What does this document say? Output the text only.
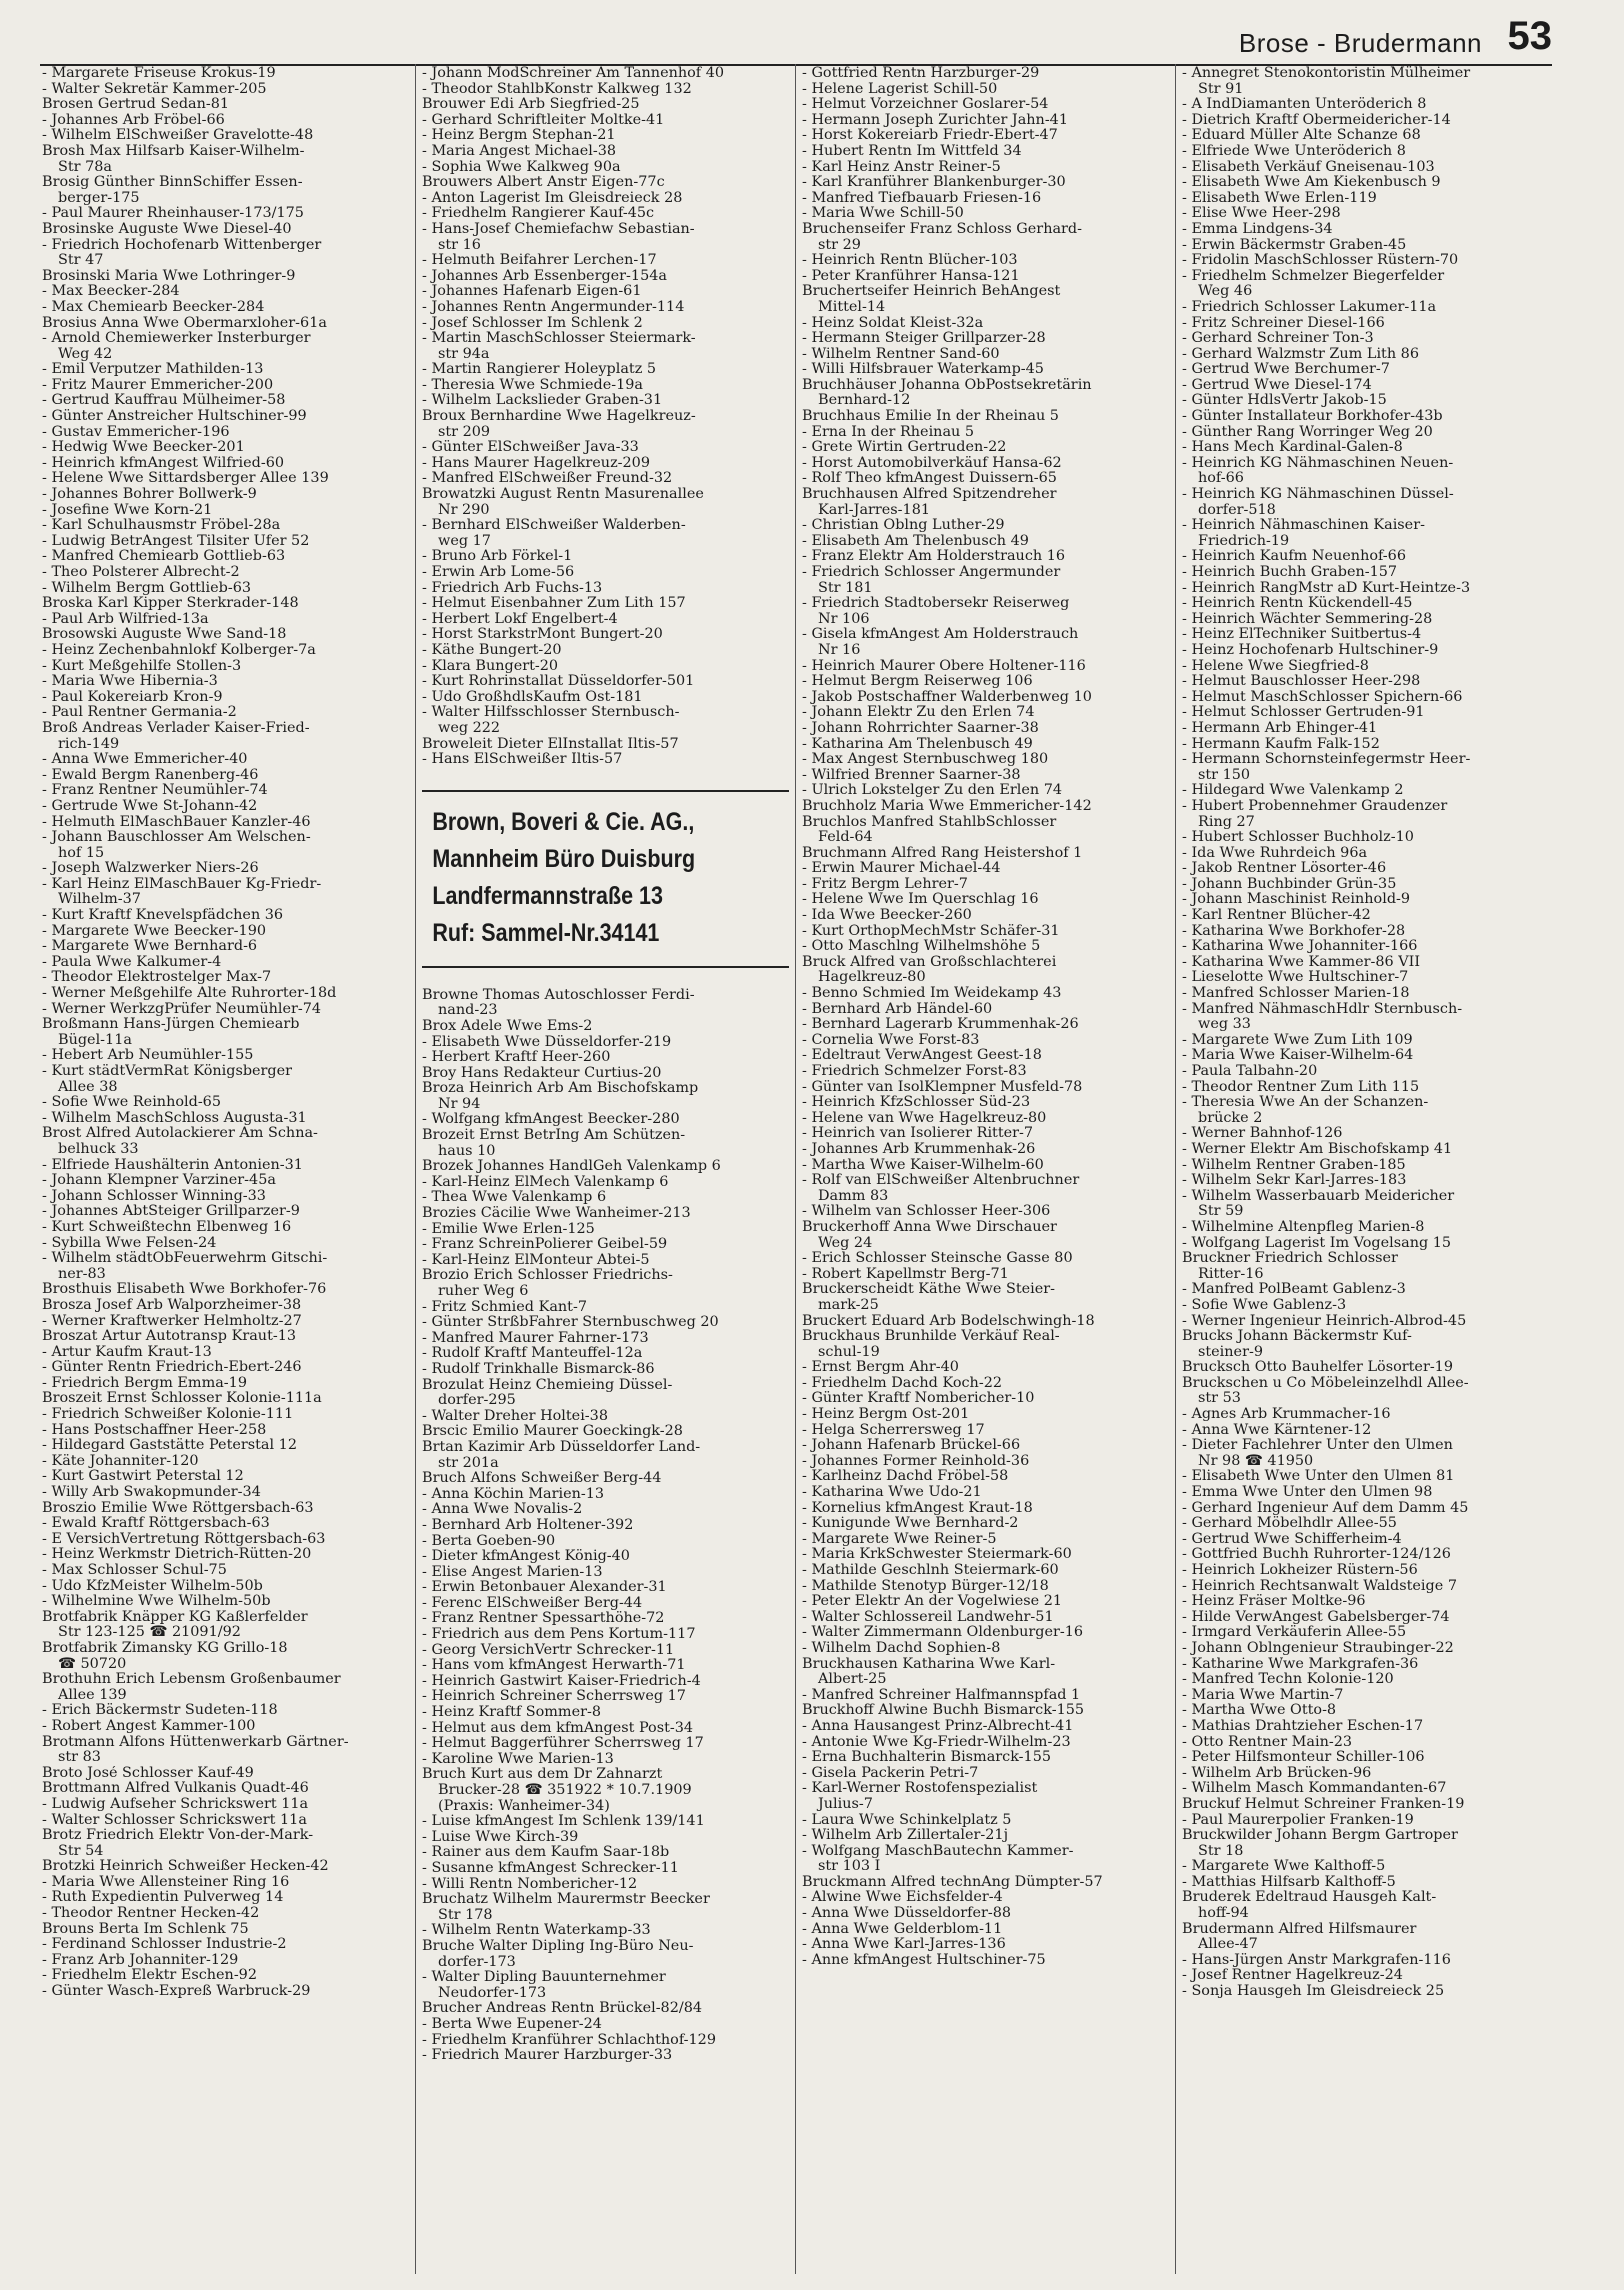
Brose - Brudermann 53
- Margarete Friseuse Krokus-19
- Walter Sekretär Kammer-205
Brosen Gertrud Sedan-81
- Johannes Arb Fröbel-66
- Wilhelm ElSchweißer Gravelotte-48
Brosh Max Hilfsarb Kaiser-Wilhelm-
Str 78a
Brosig Günther BinnSchiffer Essen-
berger-175
- Paul Maurer Rheinhauser-173/175
Brosinske Auguste Wwe Diesel-40
- Friedrich Hochofenarb Wittenberger
Str 47
Brosinski Maria Wwe Lothringer-9
- Max Beecker-284
- Max Chemiearb Beecker-284
Brosius Anna Wwe Obermarxloher-61a
- Arnold Chemiewerker Insterburger
Weg 42
- Emil Verputzer Mathilden-13
- Fritz Maurer Emmericher-200
- Gertrud Kauffrau Mülheimer-58
- Günter Anstreicher Hultschiner-99
- Gustav Emmericher-196
- Hedwig Wwe Beecker-201
- Heinrich kfmAngest Wilfried-60
- Helene Wwe Sittardsberger Allee 139
- Johannes Bohrer Bollwerk-9
- Josefine Wwe Korn-21
- Karl Schulhausmstr Fröbel-28a
- Ludwig BetrAngest Tilsiter Ufer 52
- Manfred Chemiearb Gottlieb-63
- Theo Polsterer Albrecht-2
- Wilhelm Bergm Gottlieb-63
Broska Karl Kipper Sterkrader-148
- Paul Arb Wilfried-13a
Brosowski Auguste Wwe Sand-18
- Heinz Zechenbahnlokf Kolberger-7a
- Kurt Meßgehilfe Stollen-3
- Maria Wwe Hibernia-3
- Paul Kokereiarb Kron-9
- Paul Rentner Germania-2
Broß Andreas Verlader Kaiser-Fried-
rich-149
- Anna Wwe Emmericher-40
- Ewald Bergm Ranenberg-46
- Franz Rentner Neumühler-74
- Gertrude Wwe St-Johann-42
- Helmuth ElMaschBauer Kanzler-46
- Johann Bauschlosser Am Welschen-
hof 15
- Joseph Walzwerker Niers-26
- Karl Heinz ElMaschBauer Kg-Friedr-
Wilhelm-37
- Kurt Kraftf Knevelspfädchen 36
- Margarete Wwe Beecker-190
- Margarete Wwe Bernhard-6
- Paula Wwe Kalkumer-4
- Theodor Elektrostelger Max-7
- Werner Meßgehilfe Alte Ruhrorter-18d
- Werner WerkzgPrüfer Neumühler-74
Broßmann Hans-Jürgen Chemiearb
Bügel-11a
- Hebert Arb Neumühler-155
- Kurt städtVermRat Königsberger
Allee 38
- Sofie Wwe Reinhold-65
- Wilhelm MaschSchloss Augusta-31
Brost Alfred Autolackierer Am Schna-
belhuck 33
- Elfriede Haushälterin Antonien-31
- Johann Klempner Varziner-45a
- Johann Schlosser Winning-33
- Johannes AbtSteiger Grillparzer-9
- Kurt Schweißtechn Elbenweg 16
- Sybilla Wwe Felsen-24
- Wilhelm städtObFeuerwehrm Gitschi-
ner-83
Brosthuis Elisabeth Wwe Borkhofer-76
Brosza Josef Arb Walporzheimer-38
- Werner Kraftwerker Helmholtz-27
Broszat Artur Autotransp Kraut-13
- Artur Kaufm Kraut-13
- Günter Rentn Friedrich-Ebert-246
- Friedrich Bergm Emma-19
Broszeit Ernst Schlosser Kolonie-111a
- Friedrich Schweißer Kolonie-111
- Hans Postschaffner Heer-258
- Hildegard Gaststätte Peterstal 12
- Käte Johanniter-120
- Kurt Gastwirt Peterstal 12
- Willy Arb Swakopmunder-34
Broszio Emilie Wwe Röttgersbach-63
- Ewald Kraftf Röttgersbach-63
- E VersichVertretung Röttgersbach-63
- Heinz Werkmstr Dietrich-Rütten-20
- Max Schlosser Schul-75
- Udo KfzMeister Wilhelm-50b
- Wilhelmine Wwe Wilhelm-50b
Brotfabrik Knäpper KG Kaßlerfelder
Str 123-125 ☎ 21091/92
Brotfabrik Zimansky KG Grillo-18
☎ 50720
Brothuhn Erich Lebensm Großenbaumer
Allee 139
- Erich Bäckermstr Sudeten-118
- Robert Angest Kammer-100
Brotmann Alfons Hüttenwerkarb Gärtner-
str 83
Broto José Schlosser Kauf-49
Brottmann Alfred Vulkanis Quadt-46
- Ludwig Aufseher Schrickswert 11a
- Walter Schlosser Schrickswert 11a
Brotz Friedrich Elektr Von-der-Mark-
Str 54
Brotzki Heinrich Schweißer Hecken-42
- Maria Wwe Allensteiner Ring 16
- Ruth Expedientin Pulverweg 14
- Theodor Rentner Hecken-42
Brouns Berta Im Schlenk 75
- Ferdinand Schlosser Industrie-2
- Franz Arb Johanniter-129
- Friedhelm Elektr Eschen-92
- Günter Wasch-Expreß Warbruck-29
- Johann ModSchreiner Am Tannenhof 40
- Theodor StahlbKonstr Kalkweg 132
Brouwer Edi Arb Siegfried-25
- Gerhard Schriftleiter Moltke-41
- Heinz Bergm Stephan-21
- Maria Angest Michael-38
- Sophia Wwe Kalkweg 90a
Brouwers Albert Anstr Eigen-77c
- Anton Lagerist Im Gleisdreieck 28
- Friedhelm Rangierer Kauf-45c
- Hans-Josef Chemiefachw Sebastian-
str 16
- Helmuth Beifahrer Lerchen-17
- Johannes Arb Essenberger-154a
- Johannes Hafenarb Eigen-61
- Johannes Rentn Angermunder-114
- Josef Schlosser Im Schlenk 2
- Martin MaschSchlosser Steiermark-
str 94a
- Martin Rangierer Holeyplatz 5
- Theresia Wwe Schmiede-19a
- Wilhelm Lackslieder Graben-31
Broux Bernhardine Wwe Hagelkreuz-
str 209
- Günter ElSchweißer Java-33
- Hans Maurer Hagelkreuz-209
- Manfred ElSchweißer Freund-32
Browatzki August Rentn Masurenallee
Nr 290
- Bernhard ElSchweißer Walderben-
weg 17
- Bruno Arb Förkel-1
- Erwin Arb Lome-56
- Friedrich Arb Fuchs-13
- Helmut Eisenbahner Zum Lith 157
- Herbert Lokf Engelbert-4
- Horst StarkstrMont Bungert-20
- Käthe Bungert-20
- Klara Bungert-20
- Kurt Rohrinstallat Düsseldorfer-501
- Udo GroßhdlsKaufm Ost-181
- Walter Hilfsschlosser Sternbusch-
weg 222
Broweleit Dieter ElInstallat Iltis-57
- Hans ElSchweißer Iltis-57
Brown, Boveri & Cie. AG.,
Mannheim Büro Duisburg
Landfermannstraße 13
Ruf: Sammel-Nr.34141
Browne Thomas Autoschlosser Ferdi-
nand-23
Brox Adele Wwe Ems-2
- Elisabeth Wwe Düsseldorfer-219
- Herbert Kraftf Heer-260
Broy Hans Redakteur Curtius-20
Broza Heinrich Arb Am Bischofskamp
Nr 94
- Wolfgang kfmAngest Beecker-280
Brozeit Ernst BetrIng Am Schützen-
haus 10
Brozek Johannes HandlGeh Valenkamp 6
- Karl-Heinz ElMech Valenkamp 6
- Thea Wwe Valenkamp 6
Brozies Cäcilie Wwe Wanheimer-213
- Emilie Wwe Erlen-125
- Franz SchreinPolierer Geibel-59
- Karl-Heinz ElMonteur Abtei-5
Brozio Erich Schlosser Friedrichs-
ruher Weg 6
- Fritz Schmied Kant-7
- Günter StrßbFahrer Sternbuschweg 20
- Manfred Maurer Fahrner-173
- Rudolf Kraftf Manteuffel-12a
- Rudolf Trinkhalle Bismarck-86
Brozulat Heinz Chemieing Düssel-
dorfer-295
- Walter Dreher Holtei-38
Brscic Emilio Maurer Goeckingk-28
Brtan Kazimir Arb Düsseldorfer Land-
str 201a
Bruch Alfons Schweißer Berg-44
- Anna Köchin Marien-13
- Anna Wwe Novalis-2
- Bernhard Arb Holtener-392
- Berta Goeben-90
- Dieter kfmAngest König-40
- Elise Angest Marien-13
- Erwin Betonbauer Alexander-31
- Ferenc ElSchweißer Berg-44
- Franz Rentner Spessarthöhe-72
- Friedrich aus dem Pens Kortum-117
- Georg VersichVertr Schrecker-11
- Hans vom kfmAngest Herwarth-71
- Heinrich Gastwirt Kaiser-Friedrich-4
- Heinrich Schreiner Scherrsweg 17
- Heinz Kraftf Sommer-8
- Helmut aus dem kfmAngest Post-34
- Helmut Baggerführer Scherrsweg 17
- Karoline Wwe Marien-13
Bruch Kurt aus dem Dr Zahnarzt
Brucker-28 ☎ 351922 * 10.7.1909
(Praxis: Wanheimer-34)
- Luise kfmAngest Im Schlenk 139/141
- Luise Wwe Kirch-39
- Rainer aus dem Kaufm Saar-18b
- Susanne kfmAngest Schrecker-11
- Willi Rentn Nombericher-12
Bruchatz Wilhelm Maurermstr Beecker
Str 178
- Wilhelm Rentn Waterkamp-33
Bruche Walter Dipling Ing-Büro Neu-
dorfer-173
- Walter Dipling Bauunternehmer
Neudorfer-173
Brucher Andreas Rentn Brückel-82/84
- Berta Wwe Eupener-24
- Friedhelm Kranführer Schlachthof-129
- Friedrich Maurer Harzburger-33
- Gottfried Rentn Harzburger-29
- Helene Lagerist Schill-50
- Helmut Vorzeichner Goslarer-54
- Hermann Joseph Zurichter Jahn-41
- Horst Kokereiarb Friedr-Ebert-47
- Hubert Rentn Im Wittfeld 34
- Karl Heinz Anstr Reiner-5
- Karl Kranführer Blankenburger-30
- Manfred Tiefbauarb Friesen-16
- Maria Wwe Schill-50
Bruchenseifer Franz Schloss Gerhard-
str 29
- Heinrich Rentn Blücher-103
- Peter Kranführer Hansa-121
Bruchertseifer Heinrich BehAngest
Mittel-14
- Heinz Soldat Kleist-32a
- Hermann Steiger Grillparzer-28
- Wilhelm Rentner Sand-60
- Willi Hilfsbrauer Waterkamp-45
Bruchhäuser Johanna ObPostsekretärin
Bernhard-12
Bruchhaus Emilie In der Rheinau 5
- Erna In der Rheinau 5
- Grete Wirtin Gertruden-22
- Horst Automobilverkäuf Hansa-62
- Rolf Theo kfmAngest Duissern-65
Bruchhausen Alfred Spitzendreher
Karl-Jarres-181
- Christian Oblng Luther-29
- Elisabeth Am Thelenbusch 49
- Franz Elektr Am Holderstrauch 16
- Friedrich Schlosser Angermunder
Str 181
- Friedrich Stadtobersekr Reiserweg
Nr 106
- Gisela kfmAngest Am Holderstrauch
Nr 16
- Heinrich Maurer Obere Holtener-116
- Helmut Bergm Reiserweg 106
- Jakob Postschaffner Walderbenweg 10
- Johann Elektr Zu den Erlen 74
- Johann Rohrrichter Saarner-38
- Katharina Am Thelenbusch 49
- Max Angest Sternbuschweg 180
- Wilfried Brenner Saarner-38
- Ulrich Lokstelger Zu den Erlen 74
Bruchholz Maria Wwe Emmericher-142
Bruchlos Manfred StahlbSchlosser
Feld-64
Bruchmann Alfred Rang Heistershof 1
- Erwin Maurer Michael-44
- Fritz Bergm Lehrer-7
- Helene Wwe Im Querschlag 16
- Ida Wwe Beecker-260
- Kurt OrthopMechMstr Schäfer-31
- Otto Maschlng Wilhelmshöhe 5
Bruck Alfred van Großschlachterei
Hagelkreuz-80
- Benno Schmied Im Weidekamp 43
- Bernhard Arb Händel-60
- Bernhard Lagerarb Krummenhak-26
- Cornelia Wwe Forst-83
- Edeltraut VerwAngest Geest-18
- Friedrich Schmelzer Forst-83
- Günter van IsolKlempner Musfeld-78
- Heinrich KfzSchlosser Süd-23
- Helene van Wwe Hagelkreuz-80
- Heinrich van Isolierer Ritter-7
- Johannes Arb Krummenhak-26
- Martha Wwe Kaiser-Wilhelm-60
- Rolf van ElSchweißer Altenbruchner
Damm 83
- Wilhelm van Schlosser Heer-306
Bruckerhoff Anna Wwe Dirschauer
Weg 24
- Erich Schlosser Steinsche Gasse 80
- Robert Kapellmstr Berg-71
Bruckerscheidt Käthe Wwe Steier-
mark-25
Bruckert Eduard Arb Bodelschwingh-18
Bruckhaus Brunhilde Verkäuf Real-
schul-19
- Ernst Bergm Ahr-40
- Friedhelm Dachd Koch-22
- Günter Kraftf Nombericher-10
- Heinz Bergm Ost-201
- Helga Scherrersweg 17
- Johann Hafenarb Brückel-66
- Johannes Former Reinhold-36
- Karlheinz Dachd Fröbel-58
- Katharina Wwe Udo-21
- Kornelius kfmAngest Kraut-18
- Kunigunde Wwe Bernhard-2
- Margarete Wwe Reiner-5
- Maria KrkSchwester Steiermark-60
- Mathilde Geschlnh Steiermark-60
- Mathilde Stenotyp Bürger-12/18
- Peter Elektr An der Vogelwiese 21
- Walter Schlossereil Landwehr-51
- Walter Zimmermann Oldenburger-16
- Wilhelm Dachd Sophien-8
Bruckhausen Katharina Wwe Karl-
Albert-25
- Manfred Schreiner Halfmannspfad 1
Bruckhoff Alwine Buchh Bismarck-155
- Anna Hausangest Prinz-Albrecht-41
- Antonie Wwe Kg-Friedr-Wilhelm-23
- Erna Buchhalterin Bismarck-155
- Gisela Packerin Petri-7
- Karl-Werner Rostofenspezialist
Julius-7
- Laura Wwe Schinkelplatz 5
- Wilhelm Arb Zillertaler-21j
- Wolfgang MaschBautechn Kammer-
str 103 I
Bruckmann Alfred technAng Dümpter-57
- Alwine Wwe Eichsfelder-4
- Anna Wwe Düsseldorfer-88
- Anna Wwe Gelderblom-11
- Anna Wwe Karl-Jarres-136
- Anne kfmAngest Hultschiner-75
- Annegret Stenokontoristin Mülheimer
Str 91
- A IndDiamanten Unteröderich 8
- Dietrich Kraftf Obermeidericher-14
- Eduard Müller Alte Schanze 68
- Elfriede Wwe Unteröderich 8
- Elisabeth Verkäuf Gneisenau-103
- Elisabeth Wwe Am Kiekenbusch 9
- Elisabeth Wwe Erlen-119
- Elise Wwe Heer-298
- Emma Lindgens-34
- Erwin Bäckermstr Graben-45
- Fridolin MaschSchlosser Rüstern-70
- Friedhelm Schmelzer Biegerfelder
Weg 46
- Friedrich Schlosser Lakumer-11a
- Fritz Schreiner Diesel-166
- Gerhard Schreiner Ton-3
- Gerhard Walzmstr Zum Lith 86
- Gertrud Wwe Berchumer-7
- Gertrud Wwe Diesel-174
- Günter HdlsVertr Jakob-15
- Günter Installateur Borkhofer-43b
- Günther Rang Worringer Weg 20
- Hans Mech Kardinal-Galen-8
- Heinrich KG Nähmaschinen Neuen-
hof-66
- Heinrich KG Nähmaschinen Düssel-
dorfer-518
- Heinrich Nähmaschinen Kaiser-
Friedrich-19
- Heinrich Kaufm Neuenhof-66
- Heinrich Buchh Graben-157
- Heinrich RangMstr aD Kurt-Heintze-3
- Heinrich Rentn Kückendell-45
- Heinrich Wächter Semmering-28
- Heinz ElTechniker Suitbertus-4
- Heinz Hochofenarb Hultschiner-9
- Helene Wwe Siegfried-8
- Helmut Bauschlosser Heer-298
- Helmut MaschSchlosser Spichern-66
- Helmut Schlosser Gertruden-91
- Hermann Arb Ehinger-41
- Hermann Kaufm Falk-152
- Hermann Schornsteinfegermstr Heer-
str 150
- Hildegard Wwe Valenkamp 2
- Hubert Probennehmer Graudenzer
Ring 27
- Hubert Schlosser Buchholz-10
- Ida Wwe Ruhrdeich 96a
- Jakob Rentner Lösorter-46
- Johann Buchbinder Grün-35
- Johann Maschinist Reinhold-9
- Karl Rentner Blücher-42
- Katharina Wwe Borkhofer-28
- Katharina Wwe Johanniter-166
- Katharina Wwe Kammer-86 VII
- Lieselotte Wwe Hultschiner-7
- Manfred Schlosser Marien-18
- Manfred NähmaschHdlr Sternbusch-
weg 33
- Margarete Wwe Zum Lith 109
- Maria Wwe Kaiser-Wilhelm-64
- Paula Talbahn-20
- Theodor Rentner Zum Lith 115
- Theresia Wwe An der Schanzen-
brücke 2
- Werner Bahnhof-126
- Werner Elektr Am Bischofskamp 41
- Wilhelm Rentner Graben-185
- Wilhelm Sekr Karl-Jarres-183
- Wilhelm Wasserbauarb Meidericher
Str 59
- Wilhelmine Altenpfleg Marien-8
- Wolfgang Lagerist Im Vogelsang 15
Bruckner Friedrich Schlosser
Ritter-16
- Manfred PolBeamt Gablenz-3
- Sofie Wwe Gablenz-3
- Werner Ingenieur Heinrich-Albrod-45
Brucks Johann Bäckermstr Kuf-
steiner-9
Brucksch Otto Bauhelfer Lösorter-19
Bruckschen u Co Möbeleinzelhdl Allee-
str 53
- Agnes Arb Krummacher-16
- Anna Wwe Kärntener-12
- Dieter Fachlehrer Unter den Ulmen
Nr 98 ☎ 41950
- Elisabeth Wwe Unter den Ulmen 81
- Emma Wwe Unter den Ulmen 98
- Gerhard Ingenieur Auf dem Damm 45
- Gerhard Möbelhdlr Allee-55
- Gertrud Wwe Schifferheim-4
- Gottfried Buchh Ruhrorter-124/126
- Heinrich Lokheizer Rüstern-56
- Heinrich Rechtsanwalt Waldsteige 7
- Heinz Fräser Moltke-96
- Hilde VerwAngest Gabelsberger-74
- Irmgard Verkäuferin Allee-55
- Johann Oblngenieur Straubinger-22
- Katharine Wwe Markgrafen-36
- Manfred Techn Kolonie-120
- Maria Wwe Martin-7
- Martha Wwe Otto-8
- Mathias Drahtzieher Eschen-17
- Otto Rentner Main-23
- Peter Hilfsmonteur Schiller-106
- Wilhelm Arb Brücken-96
- Wilhelm Masch Kommandanten-67
Bruckuf Helmut Schreiner Franken-19
- Paul Maurerpolier Franken-19
Bruckwilder Johann Bergm Gartroper
Str 18
- Margarete Wwe Kalthoff-5
- Matthias Hilfsarb Kalthoff-5
Bruderek Edeltraud Hausgeh Kalt-
hoff-94
Brudermann Alfred Hilfsmaurer
Allee-47
- Hans-Jürgen Anstr Markgrafen-116
- Josef Rentner Hagelkreuz-24
- Sonja Hausgeh Im Gleisdreieck 25
